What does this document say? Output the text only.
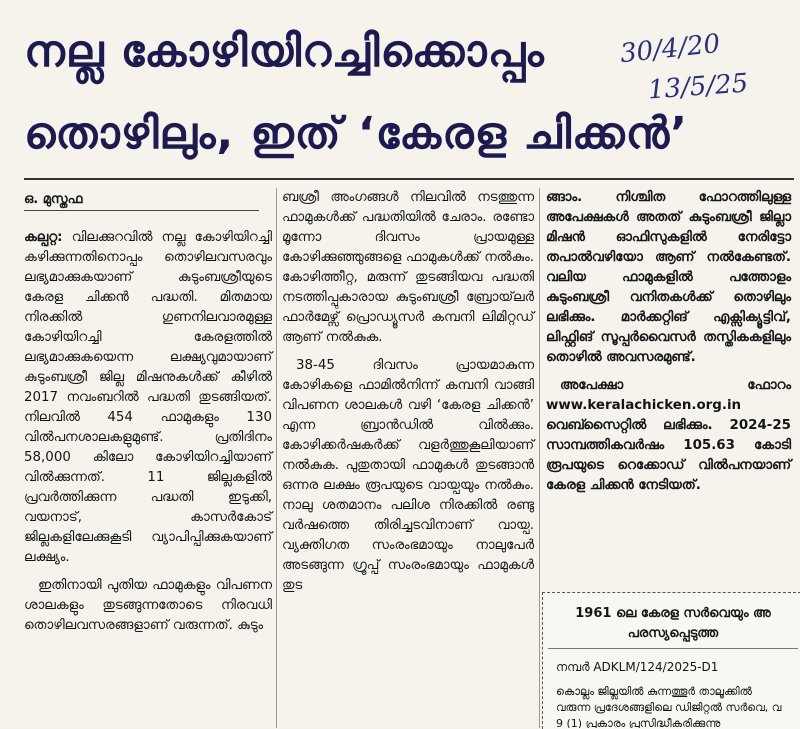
നല്ല കോഴിയിറച്ചിക്കൊപ്പം
തൊഴിലും, ഇത് ‘കേരള ചിക്കൻ’
30/4/20
13/5/25
ഒ. മുസ്തഫ

കല്പറ്റ: വിലക്കുറവിൽ നല്ല കോഴിയിറച്ചി കഴിക്കുന്നതിനൊപ്പം തൊഴിലവസരവും ലഭ്യമാക്കുകയാണ് കുടുംബശ്രീയുടെ കേരള ചിക്കൻ പദ്ധതി. മിതമായ നിരക്കിൽ ഗുണനിലവാരമുള്ള കോഴിയിറച്ചി കേരളത്തിൽ ലഭ്യമാക്കുകയെന്ന ലക്ഷ്യവുമായാണ് കുടുംബശ്രീ ജില്ല മിഷനുകൾക്ക് കീഴിൽ 2017 നവംബറിൽ പദ്ധതി തുടങ്ങിയത്. നിലവിൽ 454 ഫാമുകളും 130 വിൽപനശാലകളുമുണ്ട്. പ്രതിദിനം 58,000 കിലോ കോഴിയിറച്ചിയാണ് വിൽക്കുന്നത്. 11 ജില്ലകളിൽ പ്രവർത്തിക്കുന്ന പദ്ധതി ഇടുക്കി, വയനാട്, കാസർകോട് ജില്ലകളിലേക്കുകൂടി വ്യാപിപ്പിക്കുകയാണ് ലക്ഷ്യം.

ഇതിനായി പുതിയ ഫാമുകളും വിപണന ശാലകളും തുടങ്ങുന്നതോടെ നിരവധി തൊഴിലവസരങ്ങളാണ് വരുന്നത്. കുടും

ബശ്രീ അംഗങ്ങൾ നിലവിൽ നടത്തുന്ന ഫാമുകൾക്ക് പദ്ധതിയിൽ ചേരാം. രണ്ടോ മൂന്നോ ദിവസം പ്രായമുള്ള കോഴിക്കുഞ്ഞുങ്ങളെ ഫാമുകൾക്ക് നൽകും. കോഴിത്തീറ്റ, മരുന്ന് തുടങ്ങിയവ പദ്ധതി നടത്തിപ്പുകാരായ കുടുംബശ്രീ ബ്രോയ്‌ലർ ഫാർമേഴ്സ് പ്രൊഡ്യൂസർ കമ്പനി ലിമിറ്റഡ് ആണ് നൽകുക.

38-45 ദിവസം പ്രായമാകുന്ന കോഴികളെ ഫാമിൽനിന്ന് കമ്പനി വാങ്ങി വിപണന ശാലകൾ വഴി ‘കേരള ചിക്കൻ’ എന്ന ബ്രാൻഡിൽ വിൽക്കും. കോഴിക്കർഷകർക്ക് വളർത്തുകൂലിയാണ് നൽകുക. പുതുതായി ഫാമുകൾ തുടങ്ങാൻ ഒന്നര ലക്ഷം രൂപയുടെ വായ്പയും നൽകും. നാലു ശതമാനം പലിശ നിരക്കിൽ രണ്ടു വർഷത്തെ തിരിച്ചടവിനാണ് വായ്പ. വ്യക്തിഗത സംരംഭമായും നാലുപേർ അടങ്ങുന്ന ഗ്രൂപ്പ് സംരംഭമായും ഫാമുകൾ തുട

ങ്ങാം. നിശ്ചിത ഫോറത്തിലുള്ള അപേക്ഷകൾ അതത് കുടുംബശ്രീ ജില്ലാ മിഷൻ ഓഫിസുകളിൽ നേരിട്ടോ തപാൽവഴിയോ ആണ് നൽകേണ്ടത്. വലിയ ഫാമുകളിൽ പത്തോളം കുടുംബശ്രീ വനിതകൾക്ക് തൊഴിലും ലഭിക്കും. മാർക്കറ്റിങ് എക്സിക്യൂട്ടിവ്, ലിഫ്റ്റിങ് സൂപ്പർവൈസർ തസ്തികകളിലും തൊഴിൽ അവസരമുണ്ട്.

അപേക്ഷാ ഫോറം www.keralachicken.org.in വെബ്സൈറ്റിൽ ലഭിക്കും. 2024-25 സാമ്പത്തികവർഷം 105.63 കോടി രൂപയുടെ റെക്കോഡ് വിൽപനയാണ് കേരള ചിക്കൻ നേടിയത്.

1961 ലെ കേരള സർവെയും അ
പരസ്യപ്പെടുത്ത
നമ്പർ ADKLM/124/2025-D1
കൊല്ലം ജില്ലയിൽ കുന്നത്തൂർ താലൂക്കിൽ
വരുന്ന പ്രദേശങ്ങളിലെ ഡിജിറ്റൽ സർവെ, വ
9 (1) പ്രകാരം പ്രസിദ്ധീകരിക്കുന്നു
